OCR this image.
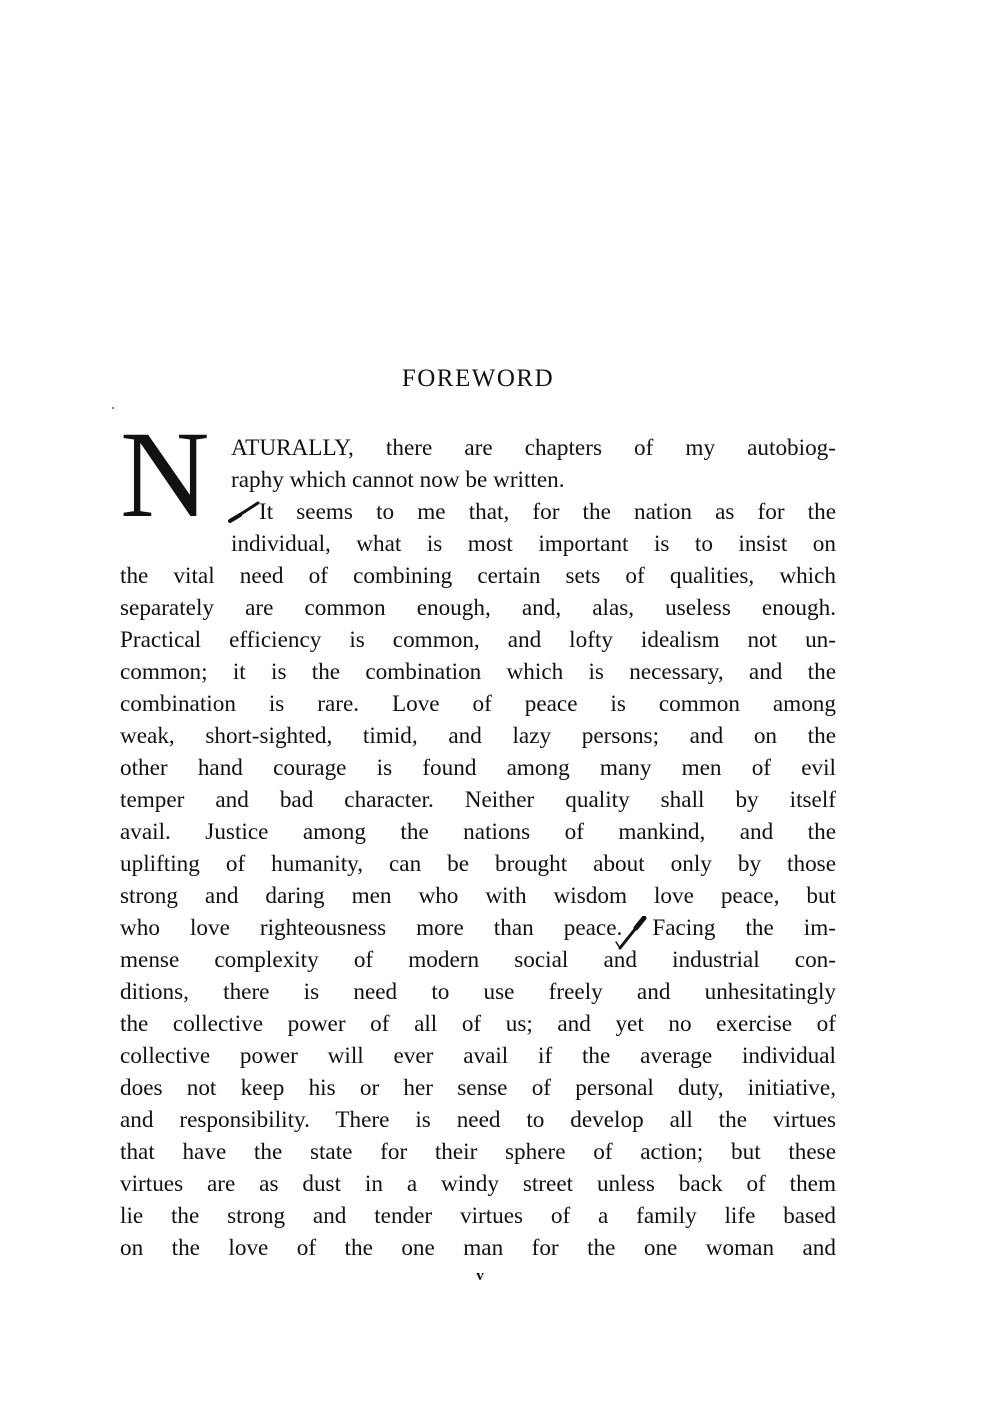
FOREWORD
N ATURALLY, there are chapters of my autobiog-
raphy which cannot now be written.
It seems to me that, for the nation as for the
individual, what is most important is to insist on
the vital need of combining certain sets of qualities, which
separately are common enough, and, alas, useless enough.
Practical efficiency is common, and lofty idealism not un-
common; it is the combination which is necessary, and the
combination is rare. Love of peace is common among
weak, short-sighted, timid, and lazy persons; and on the
other hand courage is found among many men of evil
temper and bad character. Neither quality shall by itself
avail. Justice among the nations of mankind, and the
uplifting of humanity, can be brought about only by those
strong and daring men who with wisdom love peace, but
who love righteousness more than peace. Facing the im-
mense complexity of modern social and industrial con-
ditions, there is need to use freely and unhesitatingly
the collective power of all of us; and yet no exercise of
collective power will ever avail if the average individual
does not keep his or her sense of personal duty, initiative,
and responsibility. There is need to develop all the virtues
that have the state for their sphere of action; but these
virtues are as dust in a windy street unless back of them
lie the strong and tender virtues of a family life based
on the love of the one man for the one woman and
v
